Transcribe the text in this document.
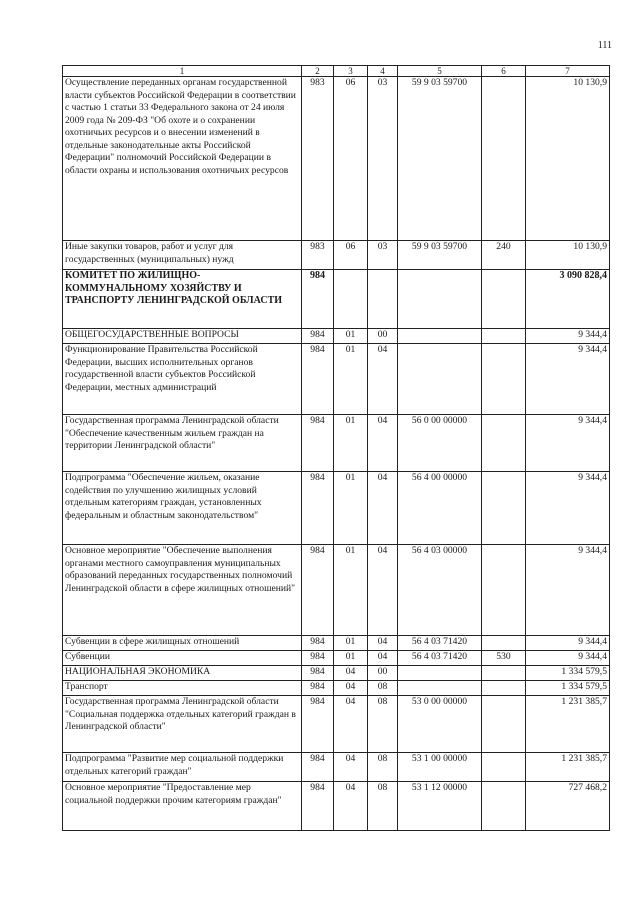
111
1	2	3	4	5	6	7
Осуществление переданных органам государственной власти субъектов Российской Федерации в соответствии с частью 1 статьи 33 Федерального закона от 24 июля 2009 года № 209-ФЗ "Об охоте и о сохранении охотничьих ресурсов и о внесении изменений в отдельные законодательные акты Российской Федерации" полномочий Российской Федерации в области охраны и использования охотничьих ресурсов	983	06	03	59 9 03 59700		10 130,9
Иные закупки товаров, работ и услуг для государственных (муниципальных) нужд	983	06	03	59 9 03 59700	240	10 130,9
КОМИТЕТ ПО ЖИЛИЩНО-КОММУНАЛЬНОМУ ХОЗЯЙСТВУ И ТРАНСПОРТУ ЛЕНИНГРАДСКОЙ ОБЛАСТИ	984					3 090 828,4
ОБЩЕГОСУДАРСТВЕННЫЕ ВОПРОСЫ	984	01	00			9 344,4
Функционирование Правительства Российской Федерации, высших исполнительных органов государственной власти субъектов Российской Федерации, местных администраций	984	01	04			9 344,4
Государственная программа Ленинградской области "Обеспечение качественным жильем граждан на территории Ленинградской области"	984	01	04	56 0 00 00000		9 344,4
Подпрограмма "Обеспечение жильем, оказание содействия по улучшению жилищных условий отдельным категориям граждан, установленных федеральным и областным законодательством"	984	01	04	56 4 00 00000		9 344,4
Основное мероприятие "Обеспечение выполнения органами местного самоуправления муниципальных образований переданных государственных полномочий Ленинградской области в сфере жилищных отношений"	984	01	04	56 4 03 00000		9 344,4
Субвенции в сфере жилищных отношений	984	01	04	56 4 03 71420		9 344,4
Субвенции	984	01	04	56 4 03 71420	530	9 344,4
НАЦИОНАЛЬНАЯ ЭКОНОМИКА	984	04	00			1 334 579,5
Транспорт	984	04	08			1 334 579,5
Государственная программа Ленинградской области "Социальная поддержка отдельных категорий граждан в Ленинградской области"	984	04	08	53 0 00 00000		1 231 385,7
Подпрограмма "Развитие мер социальной поддержки отдельных категорий граждан"	984	04	08	53 1 00 00000		1 231 385,7
Основное мероприятие "Предоставление мер социальной поддержки прочим категориям граждан"	984	04	08	53 1 12 00000		727 468,2
